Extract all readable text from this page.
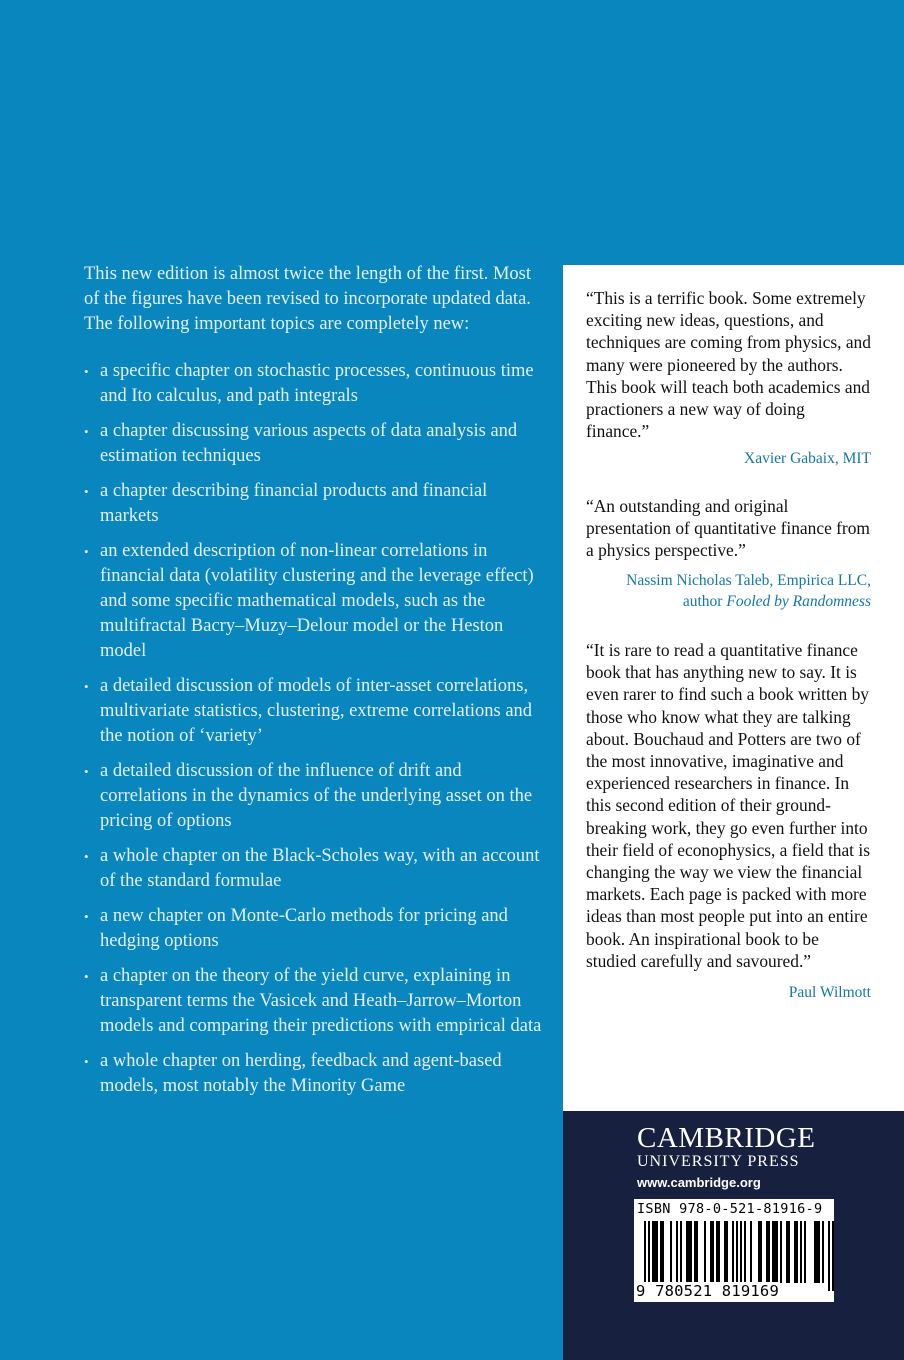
This new edition is almost twice the length of the first. Most of the figures have been revised to incorporate updated data. The following important topics are completely new:

• a specific chapter on stochastic processes, continuous time and Ito calculus, and path integrals
• a chapter discussing various aspects of data analysis and estimation techniques
• a chapter describing financial products and financial markets
• an extended description of non-linear correlations in financial data (volatility clustering and the leverage effect) and some specific mathematical models, such as the multifractal Bacry–Muzy–Delour model or the Heston model
• a detailed discussion of models of inter-asset correlations, multivariate statistics, clustering, extreme correlations and the notion of ‘variety’
• a detailed discussion of the influence of drift and correlations in the dynamics of the underlying asset on the pricing of options
• a whole chapter on the Black-Scholes way, with an account of the standard formulae
• a new chapter on Monte-Carlo methods for pricing and hedging options
• a chapter on the theory of the yield curve, explaining in transparent terms the Vasicek and Heath–Jarrow–Morton models and comparing their predictions with empirical data
• a whole chapter on herding, feedback and agent-based models, most notably the Minority Game

“This is a terrific book. Some extremely exciting new ideas, questions, and techniques are coming from physics, and many were pioneered by the authors. This book will teach both academics and practioners a new way of doing finance.”

Xavier Gabaix, MIT

“An outstanding and original presentation of quantitative finance from a physics perspective.”

Nassim Nicholas Taleb, Empirica LLC,
author Fooled by Randomness

“It is rare to read a quantitative finance book that has anything new to say. It is even rarer to find such a book written by those who know what they are talking about. Bouchaud and Potters are two of the most innovative, imaginative and experienced researchers in finance. In this second edition of their ground-breaking work, they go even further into their field of econophysics, a field that is changing the way we view the financial markets. Each page is packed with more ideas than most people put into an entire book. An inspirational book to be studied carefully and savoured.”

Paul Wilmott

CAMBRIDGE

UNIVERSITY PRESS

www.cambridge.org

ISBN 978-0-521-81916-9

9 780521 819169
